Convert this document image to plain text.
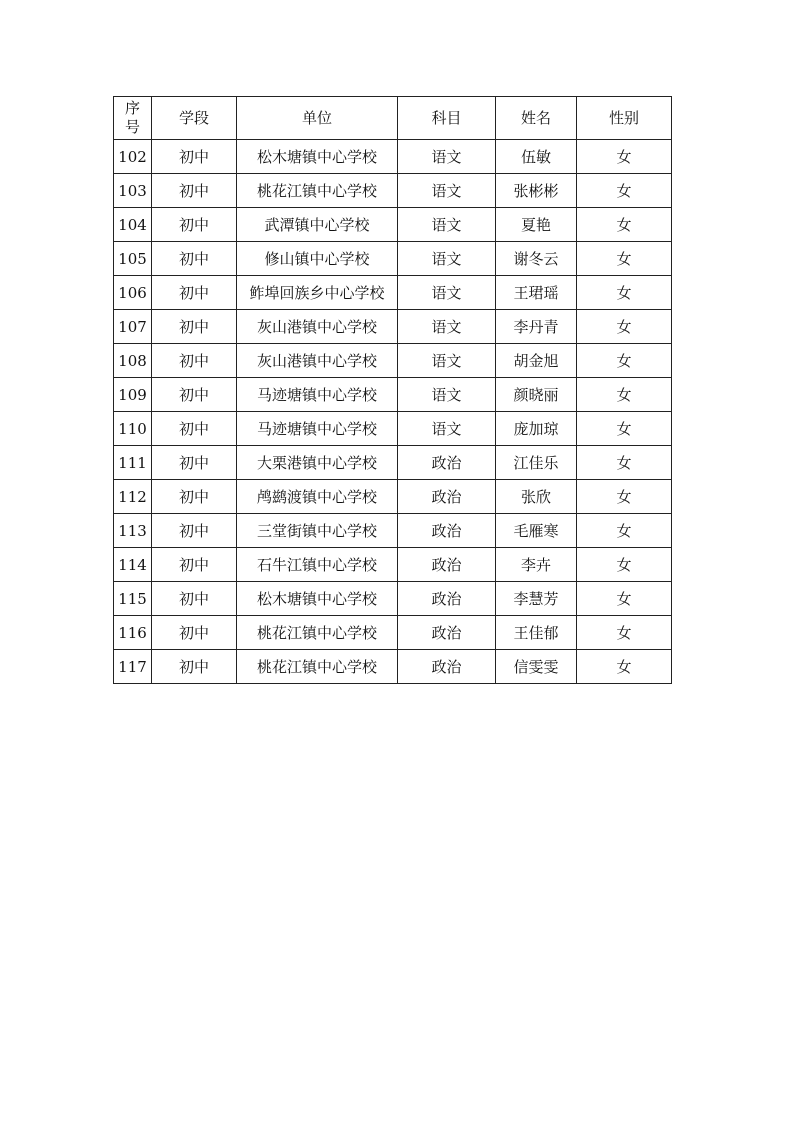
序
号	学段	单位	科目	姓名	性别
102	初中	松木塘镇中心学校	语文	伍敏	女
103	初中	桃花江镇中心学校	语文	张彬彬	女
104	初中	武潭镇中心学校	语文	夏艳	女
105	初中	修山镇中心学校	语文	谢冬云	女
106	初中	鲊埠回族乡中心学校	语文	王珺瑶	女
107	初中	灰山港镇中心学校	语文	李丹青	女
108	初中	灰山港镇中心学校	语文	胡金旭	女
109	初中	马迹塘镇中心学校	语文	颜晓丽	女
110	初中	马迹塘镇中心学校	语文	庞加琼	女
111	初中	大栗港镇中心学校	政治	江佳乐	女
112	初中	鸬鹚渡镇中心学校	政治	张欣	女
113	初中	三堂街镇中心学校	政治	毛雁寒	女
114	初中	石牛江镇中心学校	政治	李卉	女
115	初中	松木塘镇中心学校	政治	李慧芳	女
116	初中	桃花江镇中心学校	政治	王佳郁	女
117	初中	桃花江镇中心学校	政治	信雯雯	女
